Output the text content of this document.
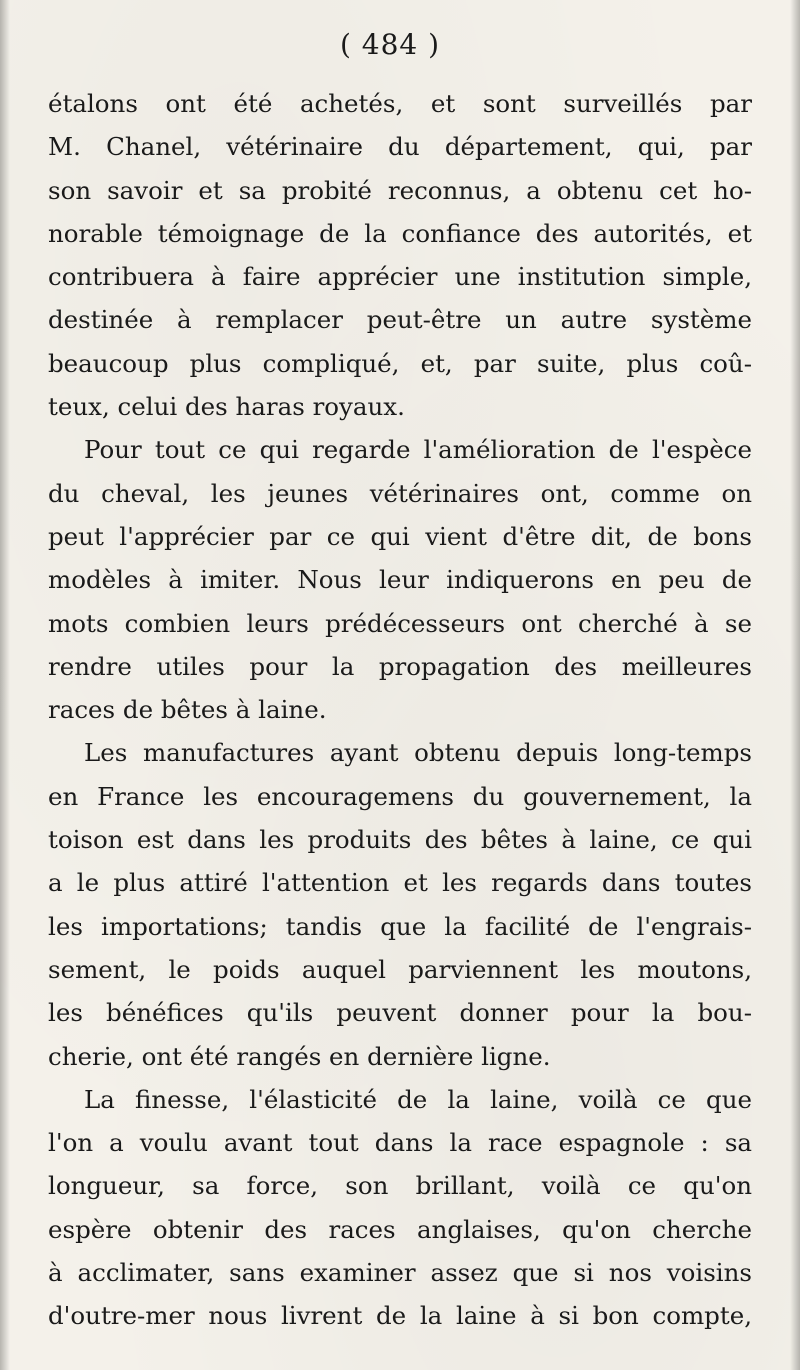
( 484 )
étalons ont été achetés, et sont surveillés par
M. Chanel, vétérinaire du département, qui, par
son savoir et sa probité reconnus, a obtenu cet ho-
norable témoignage de la confiance des autorités, et
contribuera à faire apprécier une institution simple,
destinée à remplacer peut-être un autre système
beaucoup plus compliqué, et, par suite, plus coû-
teux, celui des haras royaux.
Pour tout ce qui regarde l'amélioration de l'espèce
du cheval, les jeunes vétérinaires ont, comme on
peut l'apprécier par ce qui vient d'être dit, de bons
modèles à imiter. Nous leur indiquerons en peu de
mots combien leurs prédécesseurs ont cherché à se
rendre utiles pour la propagation des meilleures
races de bêtes à laine.
Les manufactures ayant obtenu depuis long-temps
en France les encouragemens du gouvernement, la
toison est dans les produits des bêtes à laine, ce qui
a le plus attiré l'attention et les regards dans toutes
les importations; tandis que la facilité de l'engrais-
sement, le poids auquel parviennent les moutons,
les bénéfices qu'ils peuvent donner pour la bou-
cherie, ont été rangés en dernière ligne.
La finesse, l'élasticité de la laine, voilà ce que
l'on a voulu avant tout dans la race espagnole : sa
longueur, sa force, son brillant, voilà ce qu'on
espère obtenir des races anglaises, qu'on cherche
à acclimater, sans examiner assez que si nos voisins
d'outre-mer nous livrent de la laine à si bon compte,
